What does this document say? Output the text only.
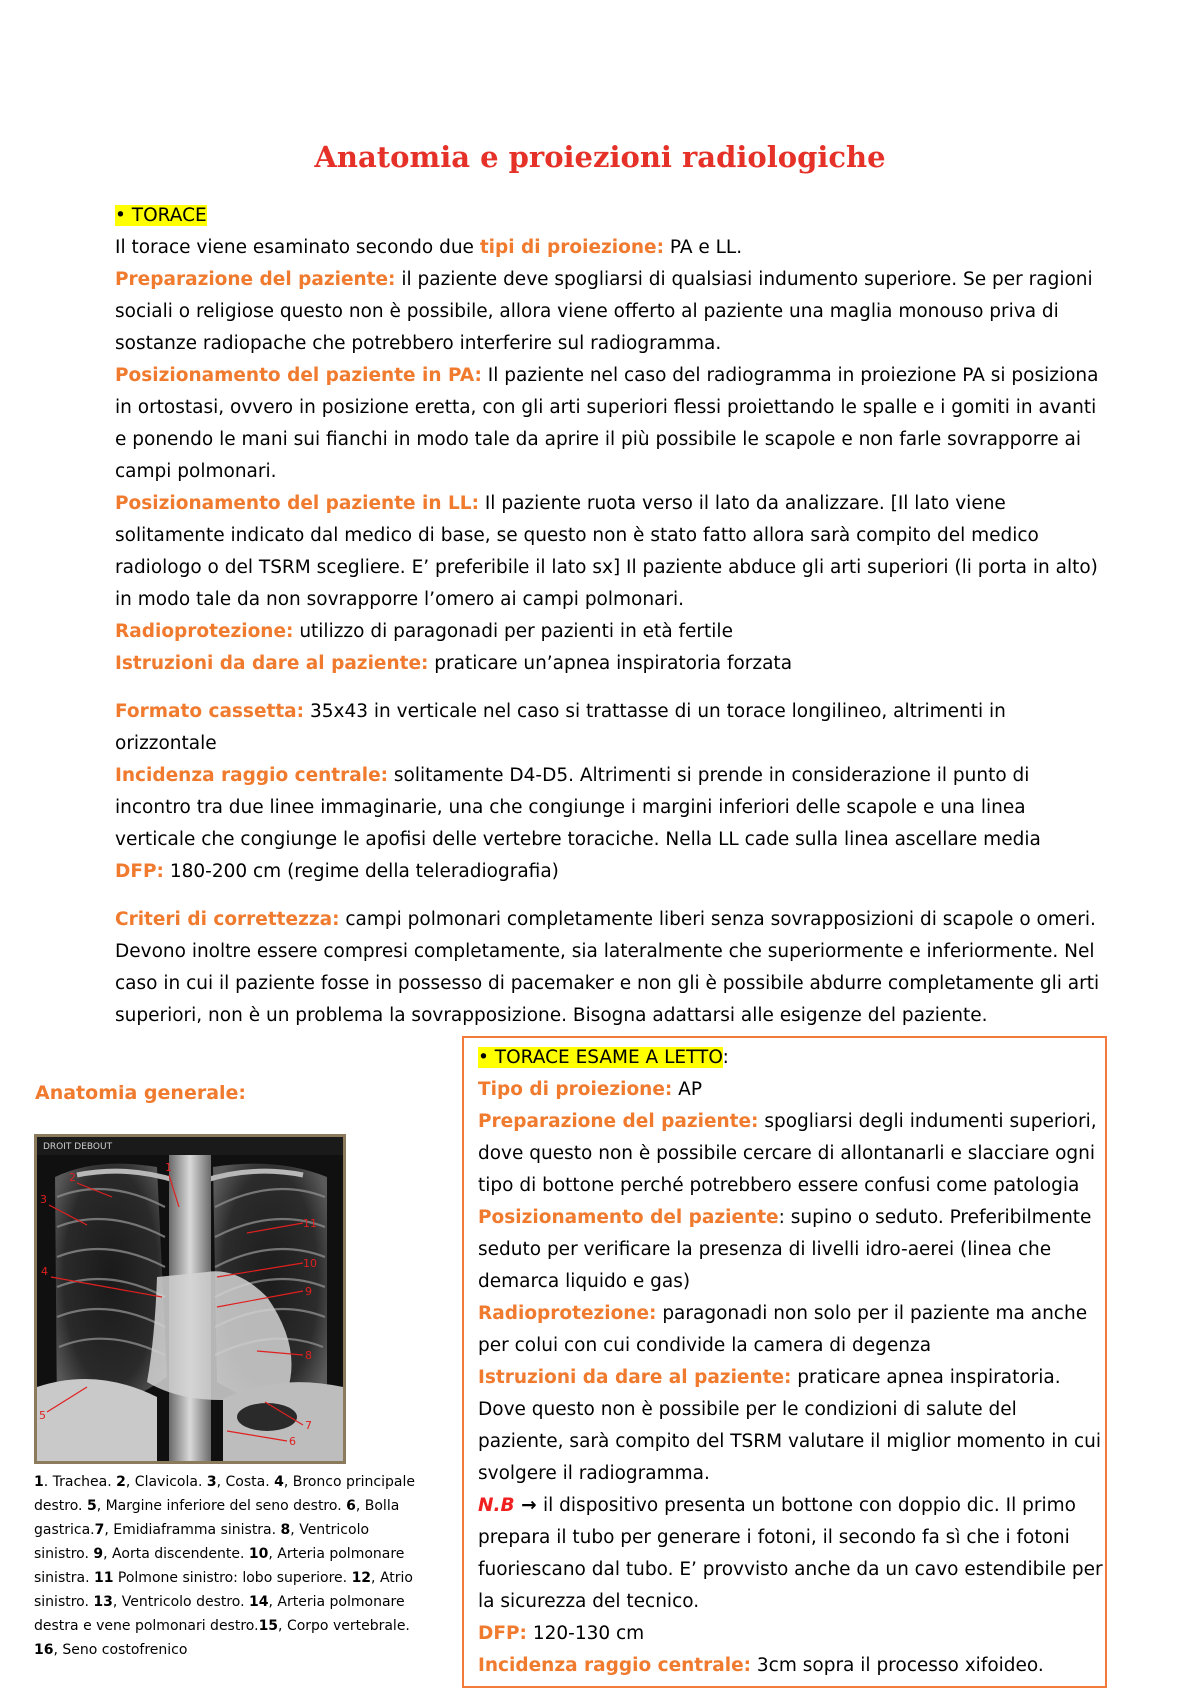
Anatomia e proiezioni radiologiche

• TORACE

Il torace viene esaminato secondo due tipi di proiezione: PA e LL.

Preparazione del paziente: il paziente deve spogliarsi di qualsiasi indumento superiore. Se per ragioni sociali o religiose questo non è possibile, allora viene offerto al paziente una maglia monouso priva di sostanze radiopache che potrebbero interferire sul radiogramma.

Posizionamento del paziente in PA: Il paziente nel caso del radiogramma in proiezione PA si posiziona in ortostasi, ovvero in posizione eretta, con gli arti superiori flessi proiettando le spalle e i gomiti in avanti e ponendo le mani sui fianchi in modo tale da aprire il più possibile le scapole e non farle sovrapporre ai campi polmonari.

Posizionamento del paziente in LL: Il paziente ruota verso il lato da analizzare. [Il lato viene solitamente indicato dal medico di base, se questo non è stato fatto allora sarà compito del medico radiologo o del TSRM scegliere. E’ preferibile il lato sx] Il paziente abduce gli arti superiori (li porta in alto) in modo tale da non sovrapporre l’omero ai campi polmonari.

Radioprotezione: utilizzo di paragonadi per pazienti in età fertile

Istruzioni da dare al paziente: praticare un’apnea inspiratoria forzata

Formato cassetta: 35x43 in verticale nel caso si trattasse di un torace longilineo, altrimenti in orizzontale

Incidenza raggio centrale: solitamente D4-D5. Altrimenti si prende in considerazione il punto di incontro tra due linee immaginarie, una che congiunge i margini inferiori delle scapole e una linea verticale che congiunge le apofisi delle vertebre toraciche. Nella LL cade sulla linea ascellare media

DFP: 180-200 cm (regime della teleradiografia)

Criteri di correttezza: campi polmonari completamente liberi senza sovrapposizioni di scapole o omeri. Devono inoltre essere compresi completamente, sia lateralmente che superiormente e inferiormente. Nel caso in cui il paziente fosse in possesso di pacemaker e non gli è possibile abdurre completamente gli arti superiori, non è un problema la sovrapposizione. Bisogna adattarsi alle esigenze del paziente.

• TORACE ESAME A LETTO:

Tipo di proiezione: AP

Preparazione del paziente: spogliarsi degli indumenti superiori, dove questo non è possibile cercare di allontanarli e slacciare ogni tipo di bottone perché potrebbero essere confusi come patologia

Posizionamento del paziente: supino o seduto. Preferibilmente seduto per verificare la presenza di livelli idro-aerei (linea che demarca liquido e gas)

Radioprotezione: paragonadi non solo per il paziente ma anche per colui con cui condivide la camera di degenza

Istruzioni da dare al paziente: praticare apnea inspiratoria. Dove questo non è possibile per le condizioni di salute del paziente, sarà compito del TSRM valutare il miglior momento in cui svolgere il radiogramma.

N.B → il dispositivo presenta un bottone con doppio dic. Il primo prepara il tubo per generare i fotoni, il secondo fa sì che i fotoni fuoriescano dal tubo. E’ provvisto anche da un cavo estendibile per la sicurezza del tecnico.

DFP: 120-130 cm

Incidenza raggio centrale: 3cm sopra il processo xifoideo.

Anatomia generale:
DROIT DEBOUT
1
2
3
4
5
6
7
8
9
10
11
1. Trachea. 2, Clavicola. 3, Costa. 4, Bronco principale destro. 5, Margine inferiore del seno destro. 6, Bolla gastrica.7, Emidiaframma sinistra. 8, Ventricolo sinistro. 9, Aorta discendente. 10, Arteria polmonare sinistra. 11 Polmone sinistro: lobo superiore. 12, Atrio sinistro. 13, Ventricolo destro. 14, Arteria polmonare destra e vene polmonari destro.15, Corpo vertebrale. 16, Seno costofrenico
